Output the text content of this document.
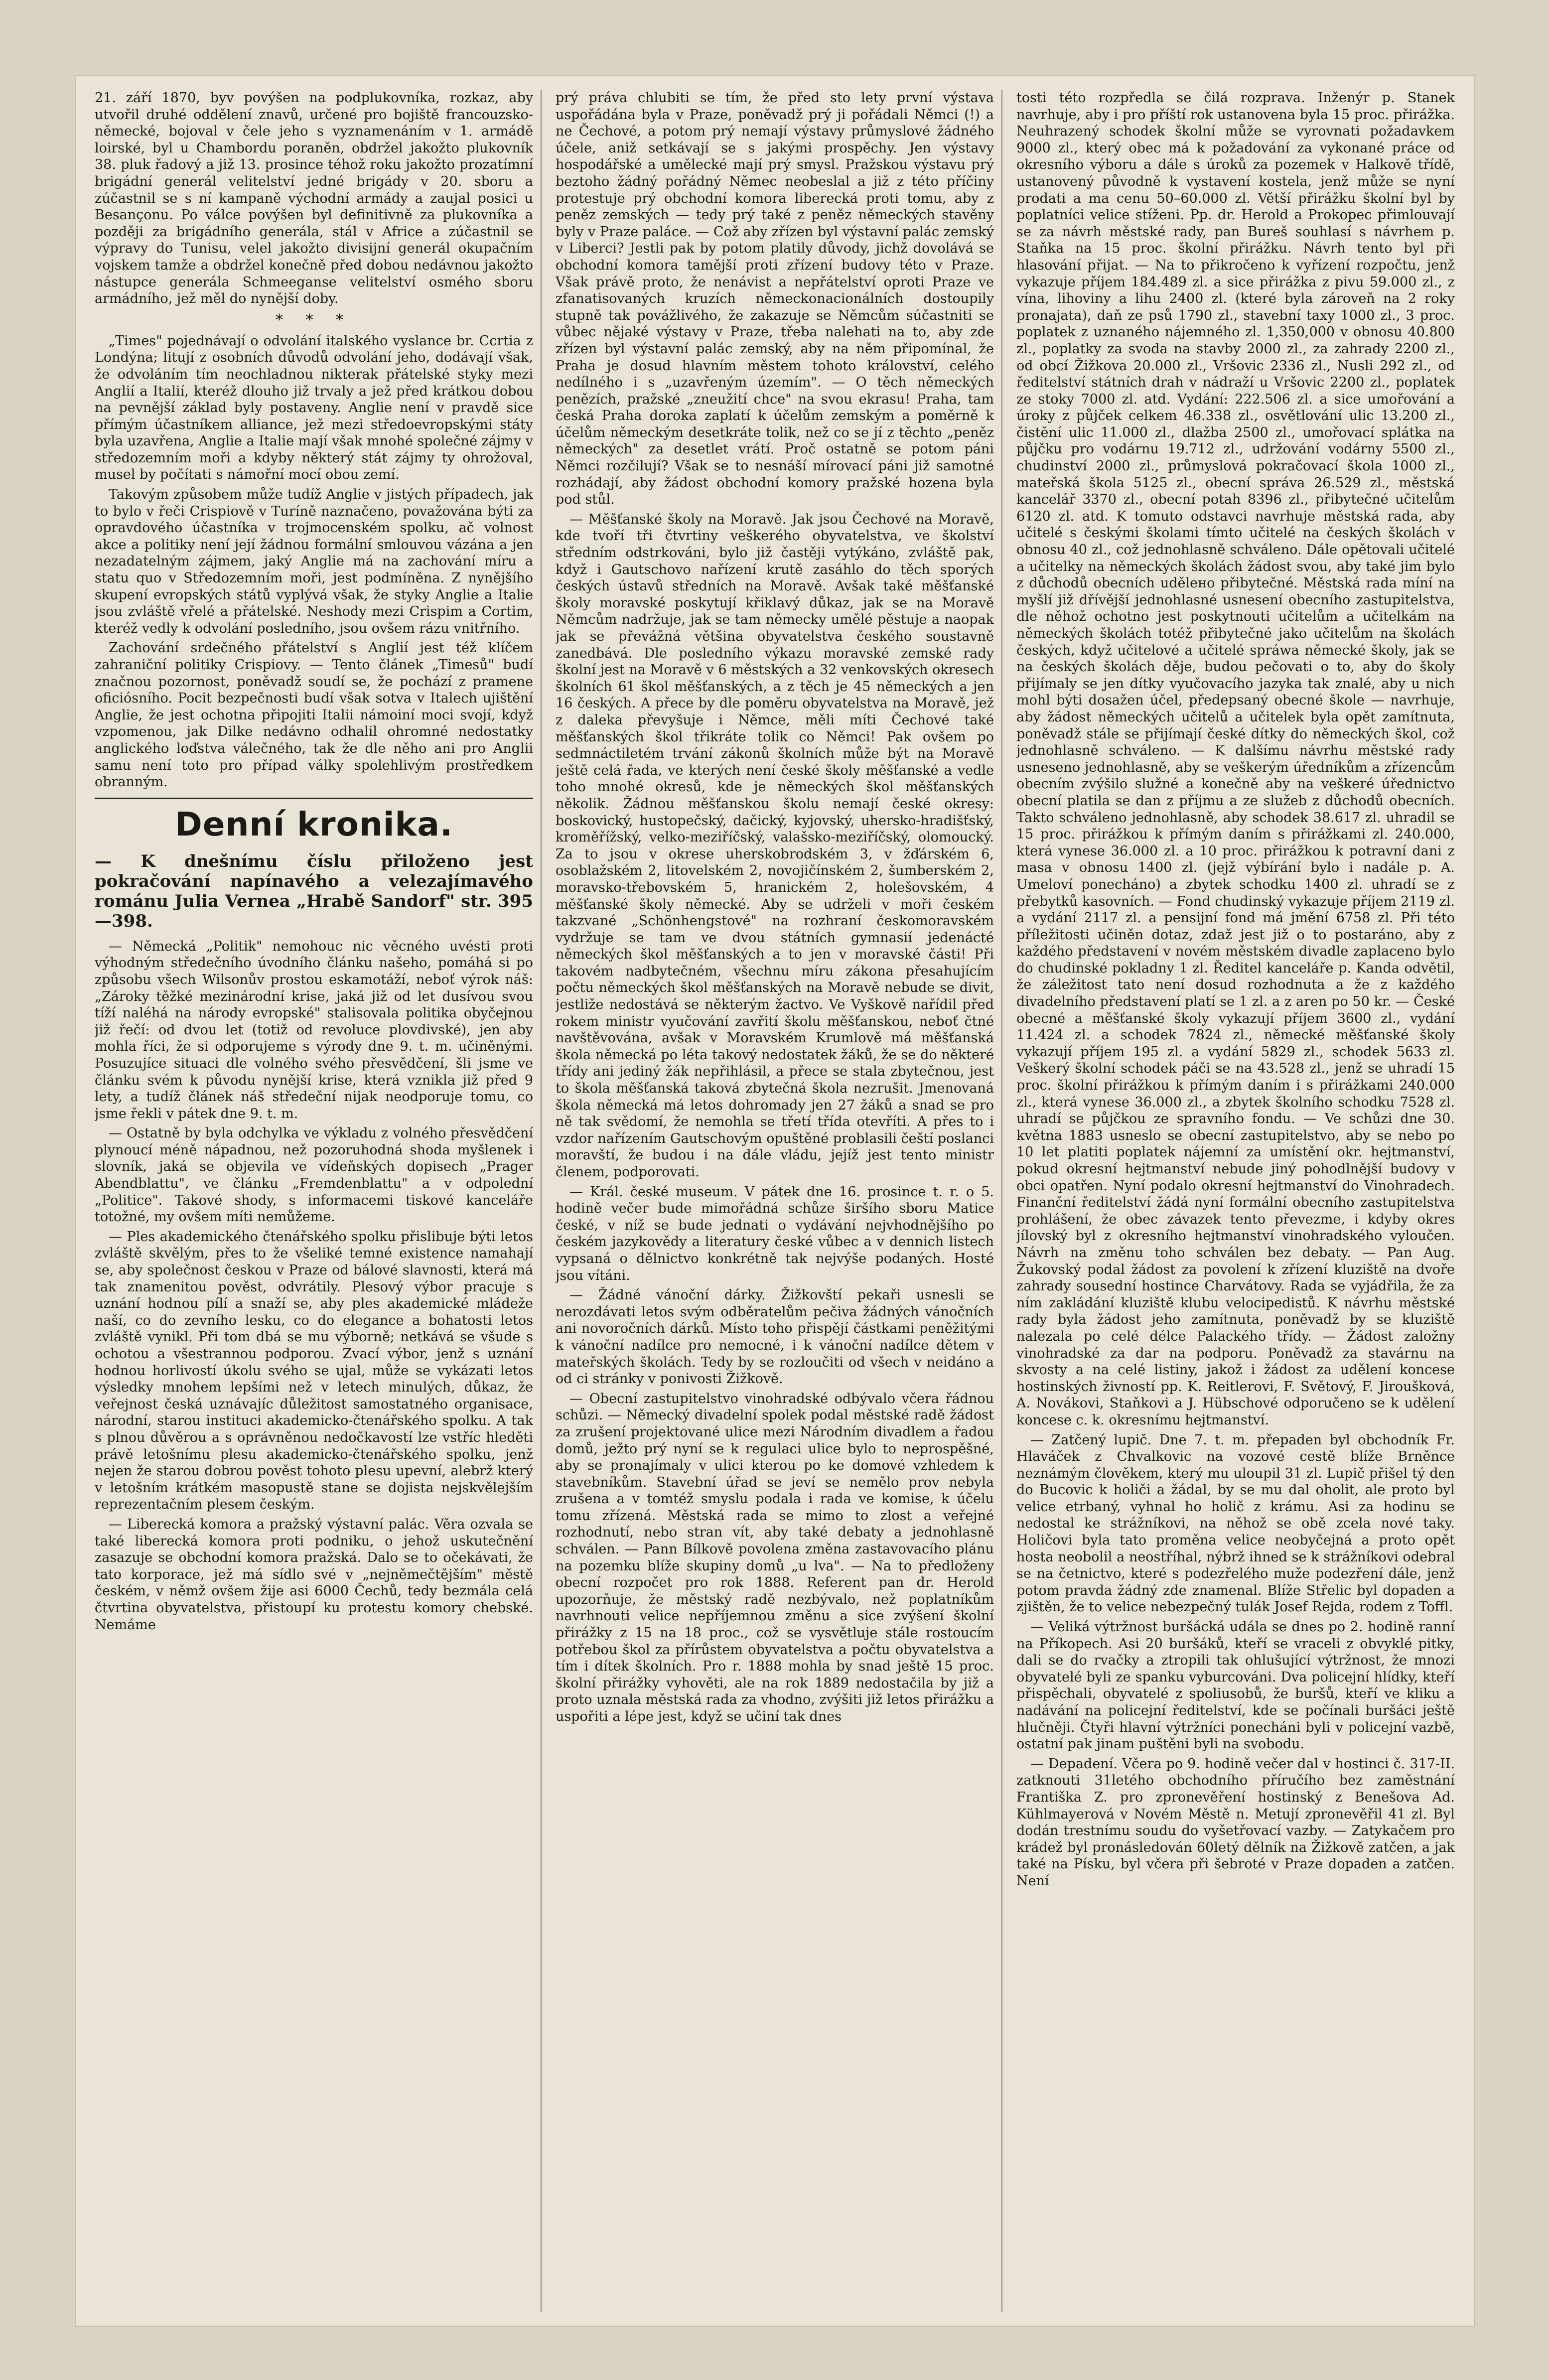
21. září 1870, byv povýšen na podplukovníka, rozkaz, aby utvořil druhé oddělení znavů, určené pro bojiště francouzsko-německé, bojoval v čele jeho s vyznamenáním v 1. armádě loirské, byl u Chambordu poraněn, obdržel jakožto plukovník 38. pluk řadový a již 13. prosince téhož roku jakožto prozatímní brigádní generál velitelství jedné brigády v 20. sboru a zúčastnil se s ní kampaně východní armády a zaujal posici u Besançonu. Po válce povýšen byl definitivně za plukovníka a později za brigádního generála, stál v Africe a zúčastnil se výpravy do Tunisu, velel jakožto divisijní generál okupačním vojskem tamže a obdržel konečně před dobou nedávnou jakožto nástupce generála Schmeeganse velitelství osmého sboru armádního, jež měl do nynější doby.

* * *

„Times" pojednávají o odvolání italského vyslance br. Ccrtia z Londýna; litují z osobních důvodů odvolání jeho, dodávají však, že odvoláním tím neochladnou nikterak přátelské styky mezi Anglií a Italií, kteréž dlouho již trvaly a jež před krátkou dobou na pevnější základ byly postaveny. Anglie není v pravdě sice přímým účastníkem alliance, jež mezi středoevropskými státy byla uzavřena, Anglie a Italie mají však mnohé společné zájmy v středozemním moři a kdyby některý stát zájmy ty ohrožoval, musel by počítati s námořní mocí obou zemí.

Takovým způsobem může tudíž Anglie v jistých případech, jak to bylo v řeči Crispiově v Turíně naznačeno, považována býti za opravdového účastníka v trojmocenském spolku, ač volnost akce a politiky není její žádnou formální smlouvou vázána a jen nezadatelným zájmem, jaký Anglie má na zachování míru a statu quo v Středozemním moři, jest podmíněna. Z nynějšího skupení evropských států vyplývá však, že styky Anglie a Italie jsou zvláště vřelé a přátelské. Neshody mezi Crispim a Cortim, kteréž vedly k odvolání posledního, jsou ovšem rázu vnitřního.

Zachování srdečného přátelství s Anglií jest též klíčem zahraniční politiky Crispiovy. — Tento článek „Timesů" budí značnou pozornost, poněvadž soudí se, že pochází z pramene oficiósního. Pocit bezpečnosti budí však sotva v Italech ujištění Anglie, že jest ochotna připojiti Italii námoiní moci svojí, když vzpomenou, jak Dilke nedávno odhalil ohromné nedostatky anglického loďstva válečného, tak že dle něho ani pro Anglii samu není toto pro případ války spolehlivým prostředkem obranným.

Denní kronika.

— K dnešnímu číslu přiloženo jest pokračování napínavého a velezajímavého románu Julia Vernea „Hrabě Sandorf" str. 395—398.

— Německá „Politik" nemohouc nic věcného uvésti proti výhodným středečního úvodního článku našeho, pomáhá si po způsobu všech Wilsonův prostou eskamotáží, neboť výrok náš: „Zároky těžké mezinárodní krise, jaká již od let dusívou svou tíží naléhá na národy evropské" stalisovala politika obyčejnou již řečí: od dvou let (totiž od revoluce plovdivské), jen aby mohla říci, že si odporujeme s výrody dne 9. t. m. učiněnými. Posuzujíce situaci dle volného svého přesvědčení, šli jsme ve článku svém k původu nynější krise, která vznikla již před 9 lety, a tudíž článek náš středeční nijak neodporuje tomu, co jsme řekli v pátek dne 9. t. m.

— Ostatně by byla odchylka ve výkladu z volného přesvědčení plynoucí méně nápadnou, než pozoruhodná shoda myšlenek i slovník, jaká se objevila ve vídeňských dopisech „Prager Abendblattu", ve článku „Fremdenblattu" a v odpolední „Politice". Takové shody, s informacemi tiskové kanceláře totožné, my ovšem míti nemůžeme.

— Ples akademického čtenářského spolku přislibuje býti letos zvláště skvělým, přes to že všeliké temné existence namahají se, aby společnost českou v Praze od bálové slavnosti, která má tak znamenitou pověst, odvrátily. Plesový výbor pracuje s uznání hodnou pílí a snaží se, aby ples akademické mládeže naší, co do zevního lesku, co do elegance a bohatosti letos zvláště vynikl. Při tom dbá se mu výborně; netkává se všude s ochotou a všestrannou podporou. Zvací výbor, jenž s uznání hodnou horlivostí úkolu svého se ujal, může se vykázati letos výsledky mnohem lepšími než v letech minulých, důkaz, že veřejnost česká uznávajíc důležitost samostatného organisace, národní, starou instituci akademicko-čtenářského spolku. A tak s plnou důvěrou a s oprávněnou nedočkavostí lze vstříc hleděti právě letošnímu plesu akademicko-čtenářského spolku, jenž nejen že starou dobrou pověst tohoto plesu upevní, alebrž který v letošním krátkém masopustě stane se dojista nejskvělejším reprezentačním plesem českým.

— Liberecká komora a pražský výstavní palác. Věra ozvala se také liberecká komora proti podniku, o jehož uskutečnění zasazuje se obchodní komora pražská. Dalo se to očekávati, že tato korporace, jež má sídlo své v „nejněmečtějším" městě českém, v němž ovšem žije asi 6000 Čechů, tedy bezmála celá čtvrtina obyvatelstva, přistoupí ku protestu komory chebské. Nemáme

prý práva chlubiti se tím, že před sto lety první výstava uspořádána byla v Praze, poněvadž prý ji pořádali Němci (!) a ne Čechové, a potom prý nemají výstavy průmyslové žádného účele, aniž setkávají se s jakými prospěchy. Jen výstavy hospodářské a umělecké mají prý smysl. Pražskou výstavu prý beztoho žádný pořádný Němec neobeslal a již z této příčiny protestuje prý obchodní komora liberecká proti tomu, aby z peněz zemských — tedy prý také z peněz německých stavěny byly v Praze paláce. — Což aby zřízen byl výstavní palác zemský v Liberci? Jestli pak by potom platily důvody, jichž dovolává se obchodní komora tamější proti zřízení budovy této v Praze. Však právě proto, že nenávist a nepřátelství oproti Praze ve zfanatisovaných kruzích německonacionálních dostoupily stupně tak povážlivého, že zakazuje se Němcům súčastniti se vůbec nějaké výstavy v Praze, třeba nalehati na to, aby zde zřízen byl výstavní palác zemský, aby na něm připomínal, že Praha je dosud hlavním městem tohoto království, celého nedílného i s „uzavřeným územím". — O těch německých penězích, pražské „zneužití chce" na svou ekrasu! Praha, tam česká Praha doroka zaplatí k účelům zemským a poměrně k účelům německým desetkráte tolik, než co se jí z těchto „peněz německých" za desetlet vrátí. Proč ostatně se potom páni Němci rozčilují? Však se to nesnáší mírovací páni již samotné rozhádají, aby žádost obchodní komory pražské hozena byla pod stůl.

— Měšťanské školy na Moravě. Jak jsou Čechové na Moravě, kde tvoří tři čtvrtiny veškerého obyvatelstva, ve školství středním odstrkováni, bylo již častěji vytýkáno, zvláště pak, když i Gautschovo nařízení krutě zasáhlo do těch sporých českých ústavů středních na Moravě. Avšak také měšťanské školy moravské poskytují křiklavý důkaz, jak se na Moravě Němcům nadržuje, jak se tam německy umělé pěstuje a naopak jak se převážná většina obyvatelstva českého soustavně zanedbává. Dle posledního výkazu moravské zemské rady školní jest na Moravě v 6 městských a 32 venkovských okresech školních 61 škol měšťanských, a z těch je 45 německých a jen 16 českých. A přece by dle poměru obyvatelstva na Moravě, jež z daleka převyšuje i Němce, měli míti Čechové také měšťanských škol třikráte tolik co Němci! Pak ovšem po sedmnáctiletém trvání zákonů školních může být na Moravě ještě celá řada, ve kterých není české školy měšťanské a vedle toho mnohé okresů, kde je německých škol měšťanských několik. Žádnou měšťanskou školu nemají české okresy: boskovický, hustopečský, dačický, kyjovský, uhersko-hradišťský, kroměřížský, velko-meziříčský, valašsko-meziříčský, olomoucký. Za to jsou v okrese uherskobrodském 3, v žďárském 6, osoblažském 2, litovelském 2, novojičínském 2, šumberském 2, moravsko-třebovském 5, hranickém 2, holešovském, 4 měšťanské školy německé. Aby se udrželi v moři českém takzvané „Schönhengstové" na rozhraní českomoravském vydržuje se tam ve dvou státních gymnasií jedenácté německých škol měšťanských a to jen v moravské části! Při takovém nadbytečném, všechnu míru zákona přesahujícím počtu německých škol měšťanských na Moravě nebude se divit, jestliže nedostává se některým žactvo. Ve Vyškově nařídil před rokem ministr vyučování zavřití školu měšťanskou, neboť čtné navštěvována, avšak v Moravském Krumlově má měšťanská škola německá po léta takový nedostatek žáků, že se do některé třídy ani jediný žák nepřihlásil, a přece se stala zbytečnou, jest to škola měšťanská taková zbytečná škola nezrušit. Jmenovaná škola německá má letos dohromady jen 27 žáků a snad se pro ně tak svědomí, že nemohla se třetí třída otevříti. A přes to i vzdor nařízením Gautschovým opuštěné problasili čeští poslanci moravští, že budou i na dále vládu, jejíž jest tento ministr členem, podporovati.

— Král. české museum. V pátek dne 16. prosince t. r. o 5. hodině večer bude mimořádná schůze širšího sboru Matice české, v níž se bude jednati o vydávání nejvhodnějšího po českém jazykovědy a literatury české vůbec a v dennich listech vypsaná o dělnictvo konkrétně tak nejvýše podaných. Hosté jsou vítáni.

— Žádné vánoční dárky. Žižkovští pekaři usnesli se nerozdávati letos svým odběratelům pečiva žádných vánočních ani novoročních dárků. Místo toho přispějí částkami peněžitými k vánoční nadílce pro nemocné, i k vánoční nadílce dětem v mateřských školách. Tedy by se rozloučiti od všech v neidáno a od ci stránky v ponivosti Žižkově.

— Obecní zastupitelstvo vinohradské odbývalo včera řádnou schůzi. — Německý divadelní spolek podal městské radě žádost za zrušení projektované ulice mezi Národním divadlem a řadou domů, ježto prý nyní se k regulaci ulice bylo to neprospěšné, aby se pronajímaly v ulici kterou po ke domové vzhledem k stavebníkům. Stavební úřad se jeví se nemělo prov nebyla zrušena a v tomtéž smyslu podala i rada ve komise, k účelu tomu zřízená. Městská rada se mimo to zlost a veřejné rozhodnutí, nebo stran vít, aby také debaty a jednohlasně schválen. — Pann Bílkově povolena změna zastavovacího plánu na pozemku blíže skupiny domů „u lva". — Na to předloženy obecní rozpočet pro rok 1888. Referent pan dr. Herold upozorňuje, že městský radě nezbývalo, než poplatníkům navrhnouti velice nepříjemnou změnu a sice zvýšení školní přirážky z 15 na 18 proc., což se vysvětluje stále rostoucím potřebou škol za přírůstem obyvatelstva a počtu obyvatelstva a tím i dítek školních. Pro r. 1888 mohla by snad ještě 15 proc. školní přirážky vyhověti, ale na rok 1889 nedostačila by již a proto uznala městská rada za vhodno, zvýšiti již letos přirážku a uspořiti a lépe jest, když se učiní tak dnes

tosti této rozpředla se čilá rozprava. Inženýr p. Stanek navrhuje, aby i pro příští rok ustanovena byla 15 proc. přirážka. Neuhrazený schodek školní může se vyrovnati požadavkem 9000 zl., který obec má k požadování za vykonané práce od okresního výboru a dále s úroků za pozemek v Halkově třídě, ustanovený původně k vystavení kostela, jenž může se nyní prodati a ma cenu 50–60.000 zl. Větší přirážku školní byl by poplatníci velice stíženi. Pp. dr. Herold a Prokopec přimlouvají se za návrh městské rady, pan Bureš souhlasí s návrhem p. Staňka na 15 proc. školní přirážku. Návrh tento byl při hlasování přijat. — Na to přikročeno k vyřízení rozpočtu, jenž vykazuje příjem 184.489 zl. a sice přirážka z pivu 59.000 zl., z vína, lihoviny a lihu 2400 zl. (které byla zároveň na 2 roky pronajata), daň ze psů 1790 zl., stavební taxy 1000 zl., 3 proc. poplatek z uznaného nájemného zl. 1,350,000 v obnosu 40.800 zl., poplatky za svoda na stavby 2000 zl., za zahrady 2200 zl., od obcí Žižkova 20.000 zl., Vršovic 2336 zl., Nusli 292 zl., od ředitelství státních drah v nádraží u Vršovic 2200 zl., poplatek ze stoky 7000 zl. atd. Vydání: 222.506 zl. a sice umořování a úroky z půjček celkem 46.338 zl., osvětlování ulic 13.200 zl., čistění ulic 11.000 zl., dlažba 2500 zl., umořovací splátka na půjčku pro vodárnu 19.712 zl., udržování vodárny 5500 zl., chudinství 2000 zl., průmyslová pokračovací škola 1000 zl., mateřská škola 5125 zl., obecní správa 26.529 zl., městská kancelář 3370 zl., obecní potah 8396 zl., přibytečné učitelům 6120 zl. atd. K tomuto odstavci navrhuje městská rada, aby učitelé s českými školami tímto učitelé na českých školách v obnosu 40 zl., což jednohlasně schváleno. Dále opětovali učitelé a učitelky na německých školách žádost svou, aby také jim bylo z důchodů obecních udělено přibytečné. Městská rada míní na myšlí již dřívější jednohlasné usnesení obecního zastupitelstva, dle něhož ochotno jest poskytnouti učitelům a učitelkám na německých školách totéž přibytečné jako učitelům na školách českých, když učitelové a učitelé spráwa německé školy, jak se na českých školách děje, budou pečovati o to, aby do školy přijímaly se jen dítky vyučovacího jazyka tak znalé, aby u nich mohl býti dosažen účel, předepsaný obecné škole — navrhuje, aby žádost německých učitelů a učitelek byla opět zamítnuta, poněvadž stále se přijímají české dítky do německých škol, což jednohlasně schváleno. — K dalšímu návrhu městské rady usneseno jednohlasně, aby se veškerým úředníkům a zřízencům obecním zvýšilo služné a konečně aby na veškeré úřednictvo obecní platila se dan z příjmu a ze služeb z důchodů obecních. Takto schváleno jednohlasně, aby schodek 38.617 zl. uhradil se 15 proc. přirážkou k přímým daním s přirážkami zl. 240.000, která vynese 36.000 zl. a 10 proc. přirážkou k potravní dani z masa v obnosu 1400 zl. (jejž výbírání bylo i nadále p. A. Umeloví ponecháno) a zbytek schodku 1400 zl. uhradí se z přebytků kasovních. — Fond chudinský vykazuje příjem 2119 zl. a vydání 2117 zl. a pensijní fond má jmění 6758 zl. Při této příležitosti učiněn dotaz, zdaž jest již o to postaráno, aby z každého představení v novém městském divadle zaplaceno bylo do chudinské pokladny 1 zl. Ředitel kanceláře p. Kanda odvětil, že záležitost tato není dosud rozhodnuta a že z každého divadelního představení platí se 1 zl. a z aren po 50 kr. — České obecné a měšťanské školy vykazují příjem 3600 zl., vydání 11.424 zl. a schodek 7824 zl., německé měšťanské školy vykazují příjem 195 zl. a vydání 5829 zl., schodek 5633 zl. Veškerý školní schodek páči se na 43.528 zl., jenž se uhradí 15 proc. školní přirážkou k přímým daním i s přirážkami 240.000 zl., která vynese 36.000 zl., a zbytek školního schodku 7528 zl. uhradí se půjčkou ze spravního fondu. — Ve schůzi dne 30. května 1883 usneslo se obecní zastupitelstvo, aby se nebo po 10 let platiti poplatek nájemní za umístění okr. hejtmanství, pokud okresní hejtmanství nebude jiný pohodlnější budovy v obci opatřen. Nyní podalo okresní hejtmanství do Vinohradech. Finanční ředitelství žádá nyní formální obecního zastupitelstva prohlášení, že obec závazek tento převezme, i kdyby okres jílovský byl z okresního hejtmanství vinohradského vyloučen. Návrh na změnu toho schválen bez debaty. — Pan Aug. Žukovský podal žádost za povolení k zřízení kluziště na dvoře zahrady sousední hostince Charvátovy. Rada se vyjádřila, že za ním zakládání kluziště klubu velocipedistů. K návrhu městské rady byla žádost jeho zamítnuta, poněvadž by se kluziště nalezala po celé délce Palackého třídy. — Žádost založny vinohradské za dar na podporu. Poněvadž za stavárnu na skvosty a na celé listiny, jakož i žádost za udělení koncese hostinských živností pp. K. Reitlerovi, F. Světový, F. Jiroušková, A. Novákovi, Staňkovi a J. Hübschové odporučeno se k udělení koncese c. k. okresnímu hejtmanství.

— Zatčený lupič. Dne 7. t. m. přepaden byl obchodník Fr. Hlaváček z Chvalkovic na vozové cestě blíže Brněnce neznámým člověkem, který mu uloupil 31 zl. Lupič přišel tý den do Bucovic k holiči a žádal, by se mu dal oholit, ale proto byl velice etrbaný, vyhnal ho holič z krámu. Asi za hodinu se nedostal ke strážníkovi, na něhož se obě zcela nové taky. Holičovi byla tato proměna velice neobyčejná a proto opět hosta neobolil a neostříhal, nýbrž ihned se k strážníkovi odebral se na četnictvo, které s podezřelého muže podezření dále, jenž potom pravda žádný zde znamenal. Blíže Střelic byl dopaden a zjištěn, že to velice nebezpečný tulák Josef Rejda, rodem z Toffl.

— Veliká výtržnost buršácká udála se dnes po 2. hodině ranní na Příkopech. Asi 20 buršáků, kteří se vraceli z obvyklé pitky, dali se do rvačky a ztropili tak ohlušující výtržnost, že mnozi obyvatelé byli ze spanku vyburcováni. Dva policejní hlídky, kteří přispěchali, obyvatelé z spoliusobů, že buršů, kteří ve kliku a nadávání na policejní ředitelství, kde se počínali buršáci ještě hlučněji. Čtyři hlavní výtržníci ponecháni byli v policejní vazbě, ostatní pak jinam puštěni byli na svobodu.

— Depadení. Včera po 9. hodině večer dal v hostinci č. 317-II. zatknouti 31letého obchodního příručího bez zaměstnání Františka Z. pro zpronevěření hostinský z Benešova Ad. Kühlmayerová v Novém Městě n. Metují zpronevěřil 41 zl. Byl dodán trestnímu soudu do vyšetřovací vazby. — Zatykačem pro krádež byl pronásledován 60letý dělník na Žižkově zatčen, a jak také na Písku, byl včera při šebroté v Praze dopaden a zatčen. Není
